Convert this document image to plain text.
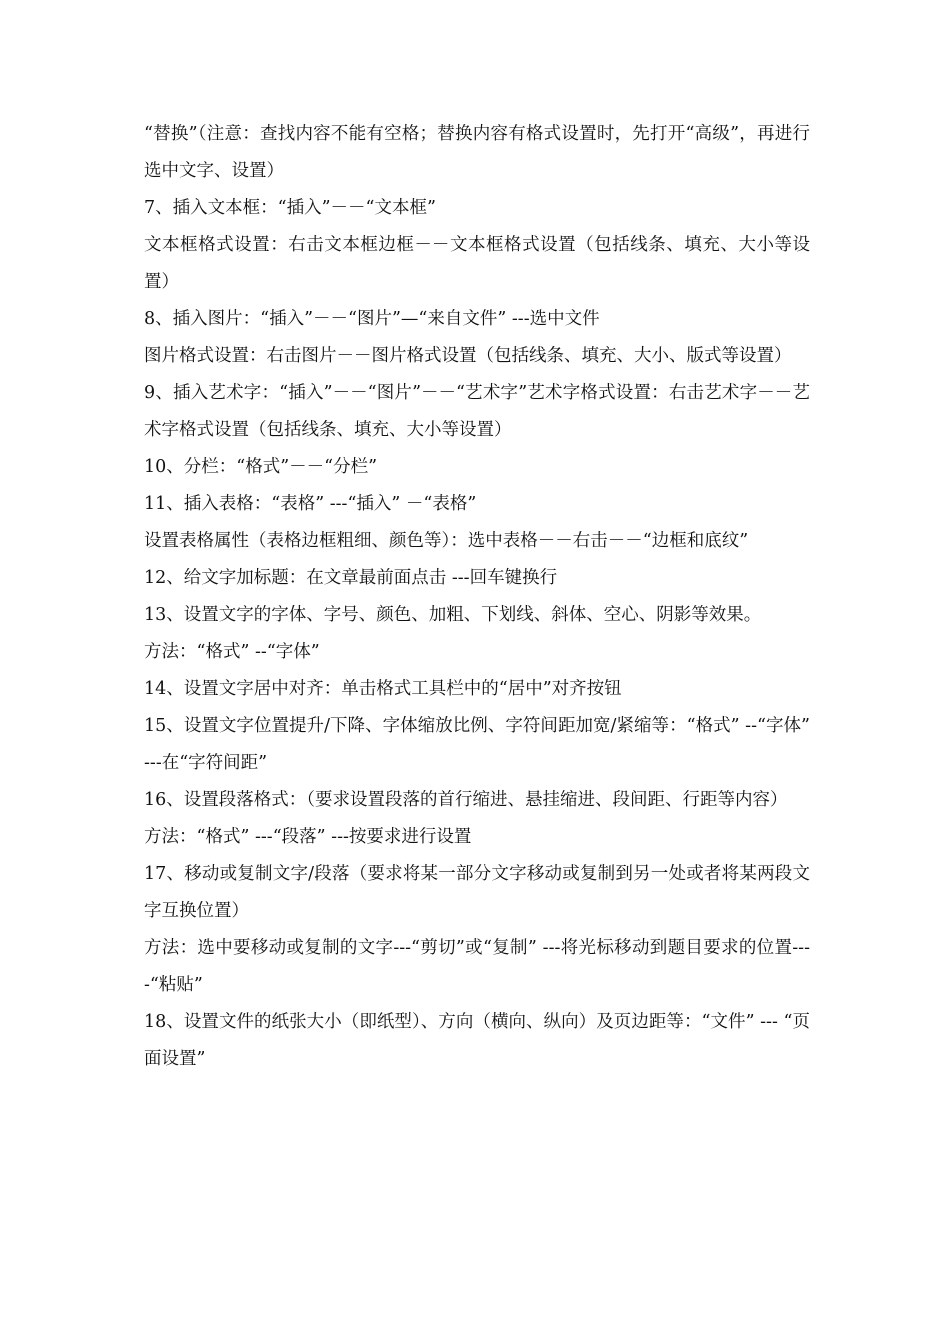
“替换”（注意：查找内容不能有空格；替换内容有格式设置时，先打开“高级”，再进行选中文字、设置）

7、插入文本框：“插入”－－“文本框”

文本框格式设置：右击文本框边框－－文本框格式设置（包括线条、填充、大小等设置）

8、插入图片：“插入”－－“图片”—“来自文件” ---选中文件

图片格式设置：右击图片－－图片格式设置（包括线条、填充、大小、版式等设置）

9、插入艺术字：“插入”－－“图片”－－“艺术字”艺术字格式设置：右击艺术字－－艺术字格式设置（包括线条、填充、大小等设置）

10、分栏：“格式”－－“分栏”

11、插入表格：“表格” ---“插入” －“表格”

设置表格属性（表格边框粗细、颜色等）：选中表格－－右击－－“边框和底纹”

12、给文字加标题：在文章最前面点击 ---回车键换行

13、设置文字的字体、字号、颜色、加粗、下划线、斜体、空心、阴影等效果。

方法：“格式” --“字体”

14、设置文字居中对齐：单击格式工具栏中的“居中”对齐按钮

15、设置文字位置提升/下降、字体缩放比例、字符间距加宽/紧缩等：“格式” --“字体” ---在“字符间距”

16、设置段落格式：（要求设置段落的首行缩进、悬挂缩进、段间距、行距等内容）

方法：“格式” ---“段落” ---按要求进行设置

17、移动或复制文字/段落（要求将某一部分文字移动或复制到另一处或者将某两段文字互换位置）

方法：选中要移动或复制的文字---“剪切”或“复制” ---将光标移动到题目要求的位置----“粘贴”

18、设置文件的纸张大小（即纸型）、方向（横向、纵向）及页边距等：“文件” --- “页面设置”
